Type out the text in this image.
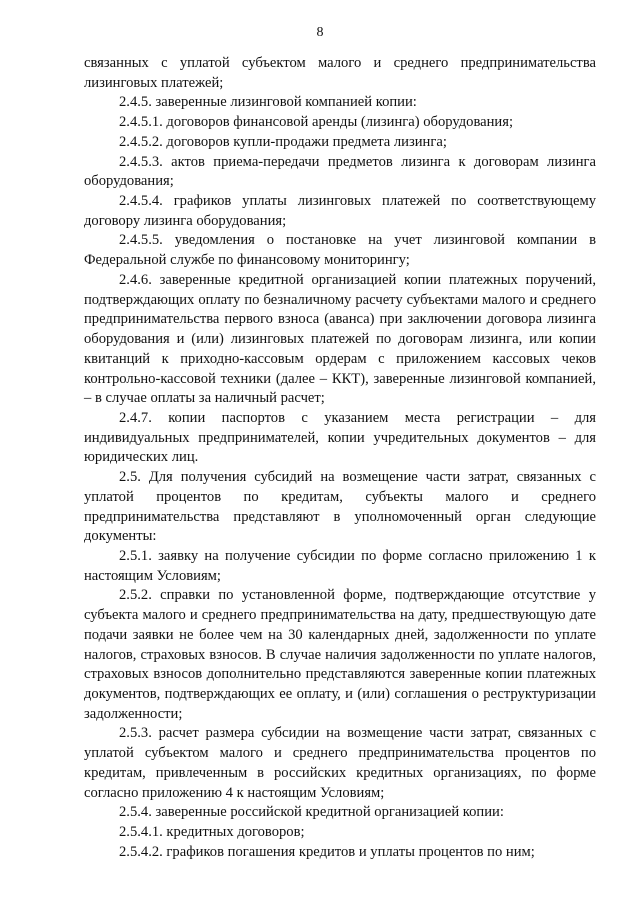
8

связанных с уплатой субъектом малого и среднего предпринимательства лизинговых платежей;

2.4.5. заверенные лизинговой компанией копии:

2.4.5.1. договоров финансовой аренды (лизинга) оборудования;

2.4.5.2. договоров купли-продажи предмета лизинга;

2.4.5.3. актов приема-передачи предметов лизинга к договорам лизинга оборудования;

2.4.5.4. графиков уплаты лизинговых платежей по соответствующему договору лизинга оборудования;

2.4.5.5. уведомления о постановке на учет лизинговой компании в Федеральной службе по финансовому мониторингу;

2.4.6. заверенные кредитной организацией копии платежных поручений, подтверждающих оплату по безналичному расчету субъектами малого и среднего предпринимательства первого взноса (аванса) при заключении договора лизинга оборудования и (или) лизинговых платежей по договорам лизинга, или копии квитанций к приходно-кассовым ордерам с приложением кассовых чеков контрольно-кассовой техники (далее – ККТ), заверенные лизинговой компанией, – в случае оплаты за наличный расчет;

2.4.7. копии паспортов с указанием места регистрации – для индивидуальных предпринимателей, копии учредительных документов – для юридических лиц.

2.5. Для получения субсидий на возмещение части затрат, связанных с уплатой процентов по кредитам, субъекты малого и среднего предпринимательства представляют в уполномоченный орган следующие документы:

2.5.1. заявку на получение субсидии по форме согласно приложению 1 к настоящим Условиям;

2.5.2. справки по установленной форме, подтверждающие отсутствие у субъекта малого и среднего предпринимательства на дату, предшествующую дате подачи заявки не более чем на 30 календарных дней, задолженности по уплате налогов, страховых взносов. В случае наличия задолженности по уплате налогов, страховых взносов дополнительно представляются заверенные копии платежных документов, подтверждающих ее оплату, и (или) соглашения о реструктуризации задолженности;

2.5.3. расчет размера субсидии на возмещение части затрат, связанных с уплатой субъектом малого и среднего предпринимательства процентов по кредитам, привлеченным в российских кредитных организациях, по форме согласно приложению 4 к настоящим Условиям;

2.5.4. заверенные российской кредитной организацией копии:

2.5.4.1. кредитных договоров;

2.5.4.2. графиков погашения кредитов и уплаты процентов по ним;
